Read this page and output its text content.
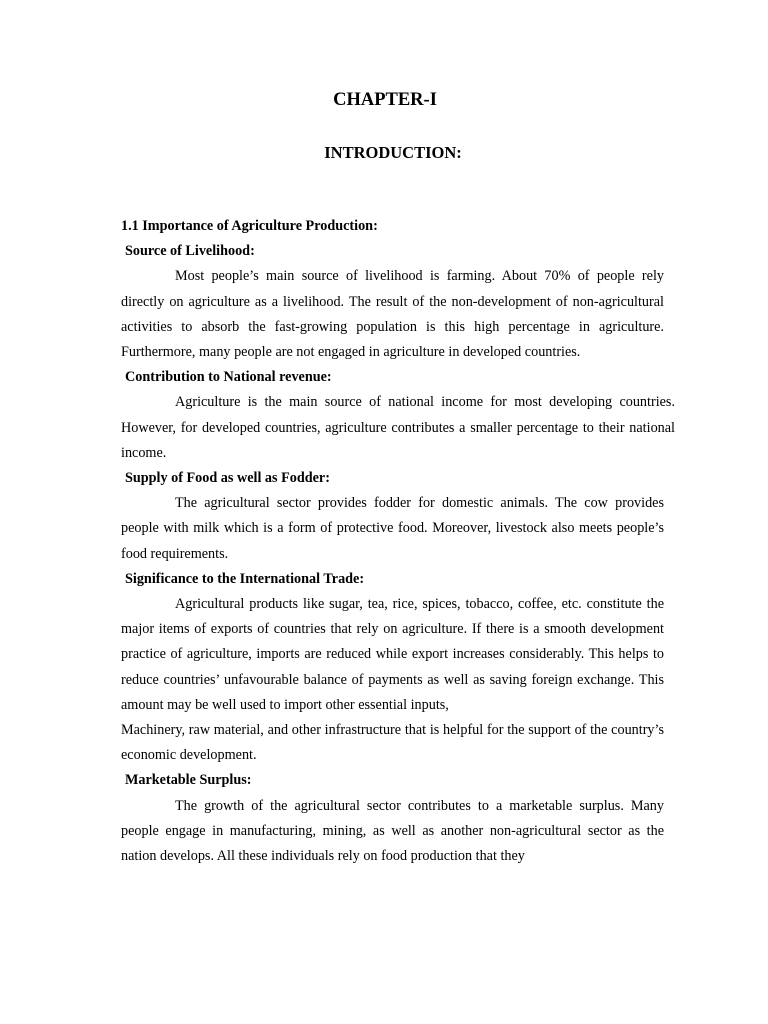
CHAPTER-I
INTRODUCTION:

1.1 Importance of Agriculture Production:

Source of Livelihood:

Most people’s main source of livelihood is farming. About 70% of people rely directly on agriculture as a livelihood. The result of the non-development of non-agricultural activities to absorb the fast-growing population is this high percentage in agriculture. Furthermore, many people are not engaged in agriculture in developed countries.

Contribution to National revenue:

Agriculture is the main source of national income for most developing countries. However, for developed countries, agriculture contributes a smaller percentage to their national income.

Supply of Food as well as Fodder:

The agricultural sector provides fodder for domestic animals. The cow provides people with milk which is a form of protective food. Moreover, livestock also meets people’s food requirements.

Significance to the International Trade:

Agricultural products like sugar, tea, rice, spices, tobacco, coffee, etc. constitute the major items of exports of countries that rely on agriculture. If there is a smooth development practice of agriculture, imports are reduced while export increases considerably. This helps to reduce countries’ unfavourable balance of payments as well as saving foreign exchange. This amount may be well used to import other essential inputs,

Machinery, raw material, and other infrastructure that is helpful for the support of the country’s economic development.

Marketable Surplus:

The growth of the agricultural sector contributes to a marketable surplus. Many people engage in manufacturing, mining, as well as another non-agricultural sector as the nation develops. All these individuals rely on food production that they
